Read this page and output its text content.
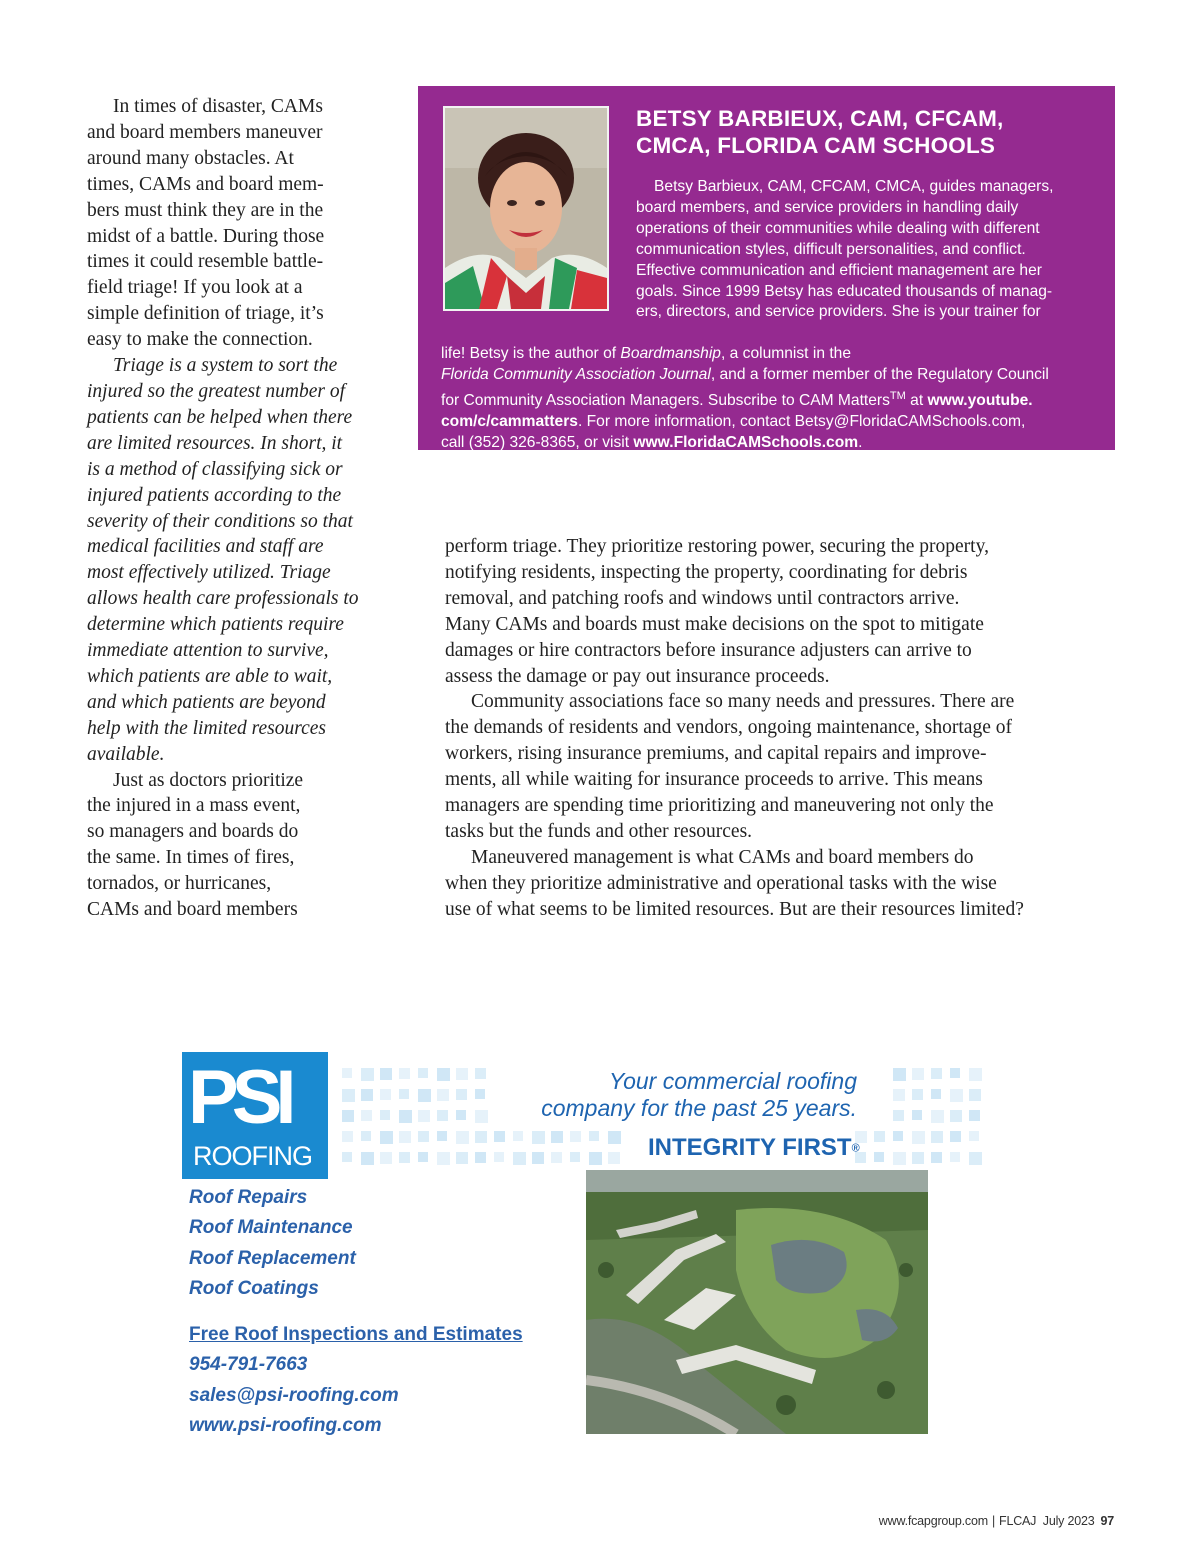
In times of disaster, CAMs
and board members maneuver
around many obstacles. At
times, CAMs and board mem-
bers must think they are in the
midst of a battle. During those
times it could resemble battle-
field triage! If you look at a
simple definition of triage, it’s
easy to make the connection.

Triage is a system to sort the
injured so the greatest number of
patients can be helped when there
are limited resources. In short, it
is a method of classifying sick or
injured patients according to the
severity of their conditions so that
medical facilities and staff are
most effectively utilized. Triage
allows health care professionals to
determine which patients require
immediate attention to survive,
which patients are able to wait,
and which patients are beyond
help with the limited resources
available.

Just as doctors prioritize
the injured in a mass event,
so managers and boards do
the same. In times of fires,
tornados, or hurricanes,
CAMs and board members

BETSY BARBIEUX, CAM, CFCAM,
CMCA, FLORIDA CAM SCHOOLS

Betsy Barbieux, CAM, CFCAM, CMCA, guides managers,
board members, and service providers in handling daily
operations of their communities while dealing with different
communication styles, difficult personalities, and conflict.
Effective communication and efficient management are her
goals. Since 1999 Betsy has educated thousands of manag-
ers, directors, and service providers. She is your trainer for

life! Betsy is the author of Boardmanship, a columnist in the

Florida Community Association Journal, and a former member of the Regulatory Council

for Community Association Managers. Subscribe to CAM Matters™ at www.youtube.

com/c/cammatters. For more information, contact Betsy@FloridaCAMSchools.com,

call (352) 326-8365, or visit www.FloridaCAMSchools.com.

perform triage. They prioritize restoring power, securing the property,
notifying residents, inspecting the property, coordinating for debris
removal, and patching roofs and windows until contractors arrive.
Many CAMs and boards must make decisions on the spot to mitigate
damages or hire contractors before insurance adjusters can arrive to
assess the damage or pay out insurance proceeds.

Community associations face so many needs and pressures. There are
the demands of residents and vendors, ongoing maintenance, shortage of
workers, rising insurance premiums, and capital repairs and improve-
ments, all while waiting for insurance proceeds to arrive. This means
managers are spending time prioritizing and maneuvering not only the
tasks but the funds and other resources.

Maneuvered management is what CAMs and board members do
when they prioritize administrative and operational tasks with the wise
use of what seems to be limited resources. But are their resources limited?

PSI
ROOFING
Your commercial roofing
company for the past 25 years.
INTEGRITY FIRST®
Roof Repairs
Roof Maintenance
Roof Replacement
Roof Coatings
Free Roof Inspections and Estimates
954-791-7663
sales@psi-roofing.com
www.psi-roofing.com
www.fcapgroup.com | FLCAJ July 2023 97
